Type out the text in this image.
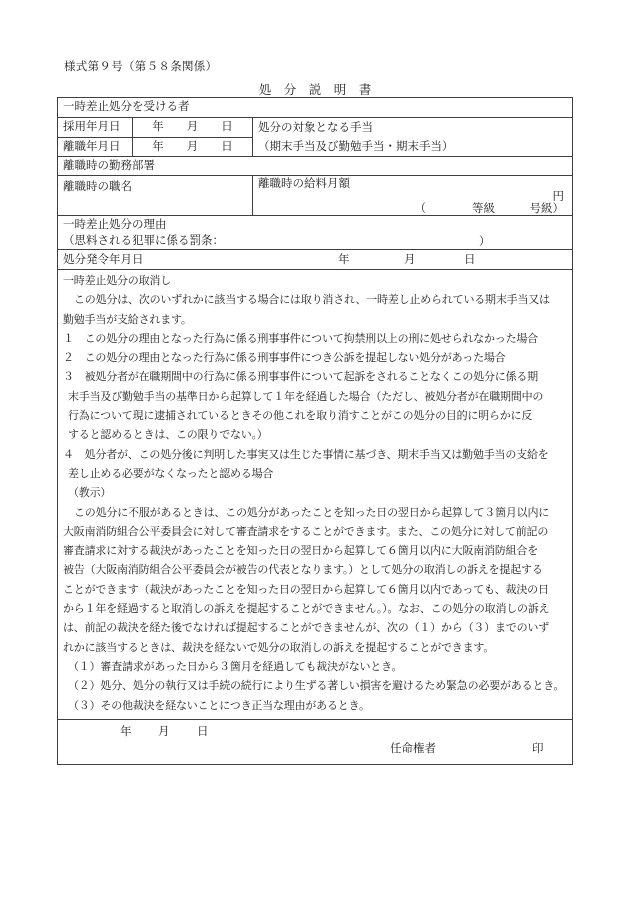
様式第９号（第５８条関係）
処　分　説　明　書
一時差止処分を受ける者
採用年月日	年　　月　　日
離職年月日	年　　月　　日
処分の対象となる手当
（期末手当及び勤勉手当・期末手当）
離職時の勤務部署
離職時の職名	離職時の給料月額
円
（　　　　等級　　　号級）
一時差止処分の理由
（思料される犯罪に係る罰条：	）
処分発令年月日	年	月	日
一時差止処分の取消し
この処分は、次のいずれかに該当する場合には取り消され、一時差し止められている期末手当又は
勤勉手当が支給されます。
１　この処分の理由となった行為に係る刑事事件について拘禁刑以上の刑に処せられなかった場合
２　この処分の理由となった行為に係る刑事事件につき公訴を提起しない処分があった場合
３　被処分者が在職期間中の行為に係る刑事事件について起訴をされることなくこの処分に係る期
末手当及び勤勉手当の基準日から起算して１年を経過した場合（ただし、被処分者が在職期間中の
行為について現に逮捕されているときその他これを取り消すことがこの処分の目的に明らかに反
すると認めるときは、この限りでない。）
４　処分者が、この処分後に判明した事実又は生じた事情に基づき、期末手当又は勤勉手当の支給を
差し止める必要がなくなったと認める場合
（教示）
この処分に不服があるときは、この処分があったことを知った日の翌日から起算して３箇月以内に
大阪南消防組合公平委員会に対して審査請求をすることができます。また、この処分に対して前記の
審査請求に対する裁決があったことを知った日の翌日から起算して６箇月以内に大阪南消防組合を
被告（大阪南消防組合公平委員会が被告の代表となります。）として処分の取消しの訴えを提起する
ことができます（裁決があったことを知った日の翌日から起算して６箇月以内であっても、裁決の日
から１年を経過すると取消しの訴えを提起することができません。）。なお、この処分の取消しの訴え
は、前記の裁決を経た後でなければ提起することができませんが、次の（１）から（３）までのいず
れかに該当するときは、裁決を経ないで処分の取消しの訴えを提起することができます。
（１）審査請求があった日から３箇月を経過しても裁決がないとき。
（２）処分、処分の執行又は手続の続行により生ずる著しい損害を避けるため緊急の必要があるとき。
（３）その他裁決を経ないことにつき正当な理由があるとき。
年 月 日
任命権者	印
